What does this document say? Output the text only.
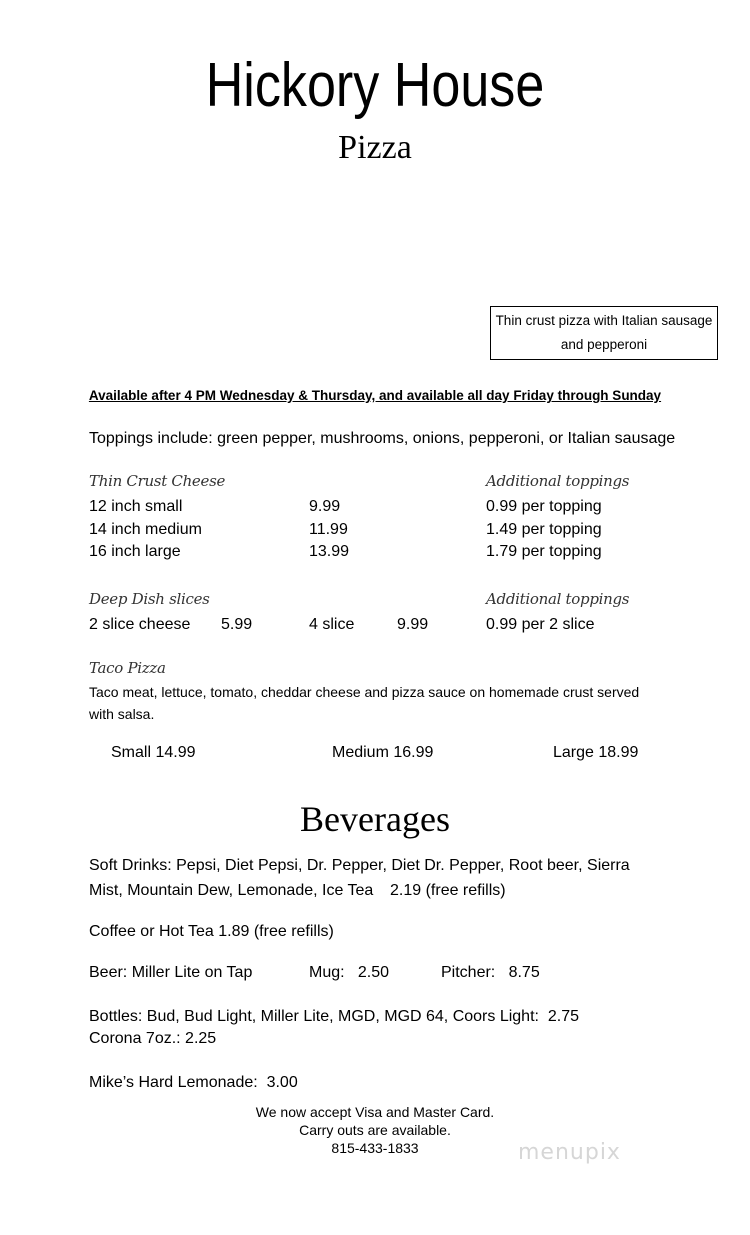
Hickory House
Pizza
Thin crust pizza with Italian sausage and pepperoni
Available after 4 PM Wednesday & Thursday, and available all day Friday through Sunday
Toppings include: green pepper, mushrooms, onions, pepperoni, or Italian sausage
Thin Crust Cheese	Additional toppings
12 inch small	9.99	0.99 per topping
14 inch medium	11.99	1.49 per topping
16 inch large	13.99	1.79 per topping
Deep Dish slices	Additional toppings
2 slice cheese 5.99	4 slice	9.99	0.99 per 2 slice
Taco Pizza
Taco meat, lettuce, tomato, cheddar cheese and pizza sauce on homemade crust served with salsa.
Small 14.99	Medium 16.99	Large 18.99
Beverages
Soft Drinks: Pepsi, Diet Pepsi, Dr. Pepper, Diet Dr. Pepper, Root beer, Sierra
Mist, Mountain Dew, Lemonade, Ice Tea 2.19 (free refills)
Coffee or Hot Tea 1.89 (free refills)
Beer: Miller Lite on Tap	Mug:   2.50	Pitcher:   8.75
Bottles: Bud, Bud Light, Miller Lite, MGD, MGD 64, Coors Light:  2.75
Corona 7oz.: 2.25
Mike’s Hard Lemonade:  3.00
We now accept Visa and Master Card.
Carry outs are available.
815-433-1833	menupix
